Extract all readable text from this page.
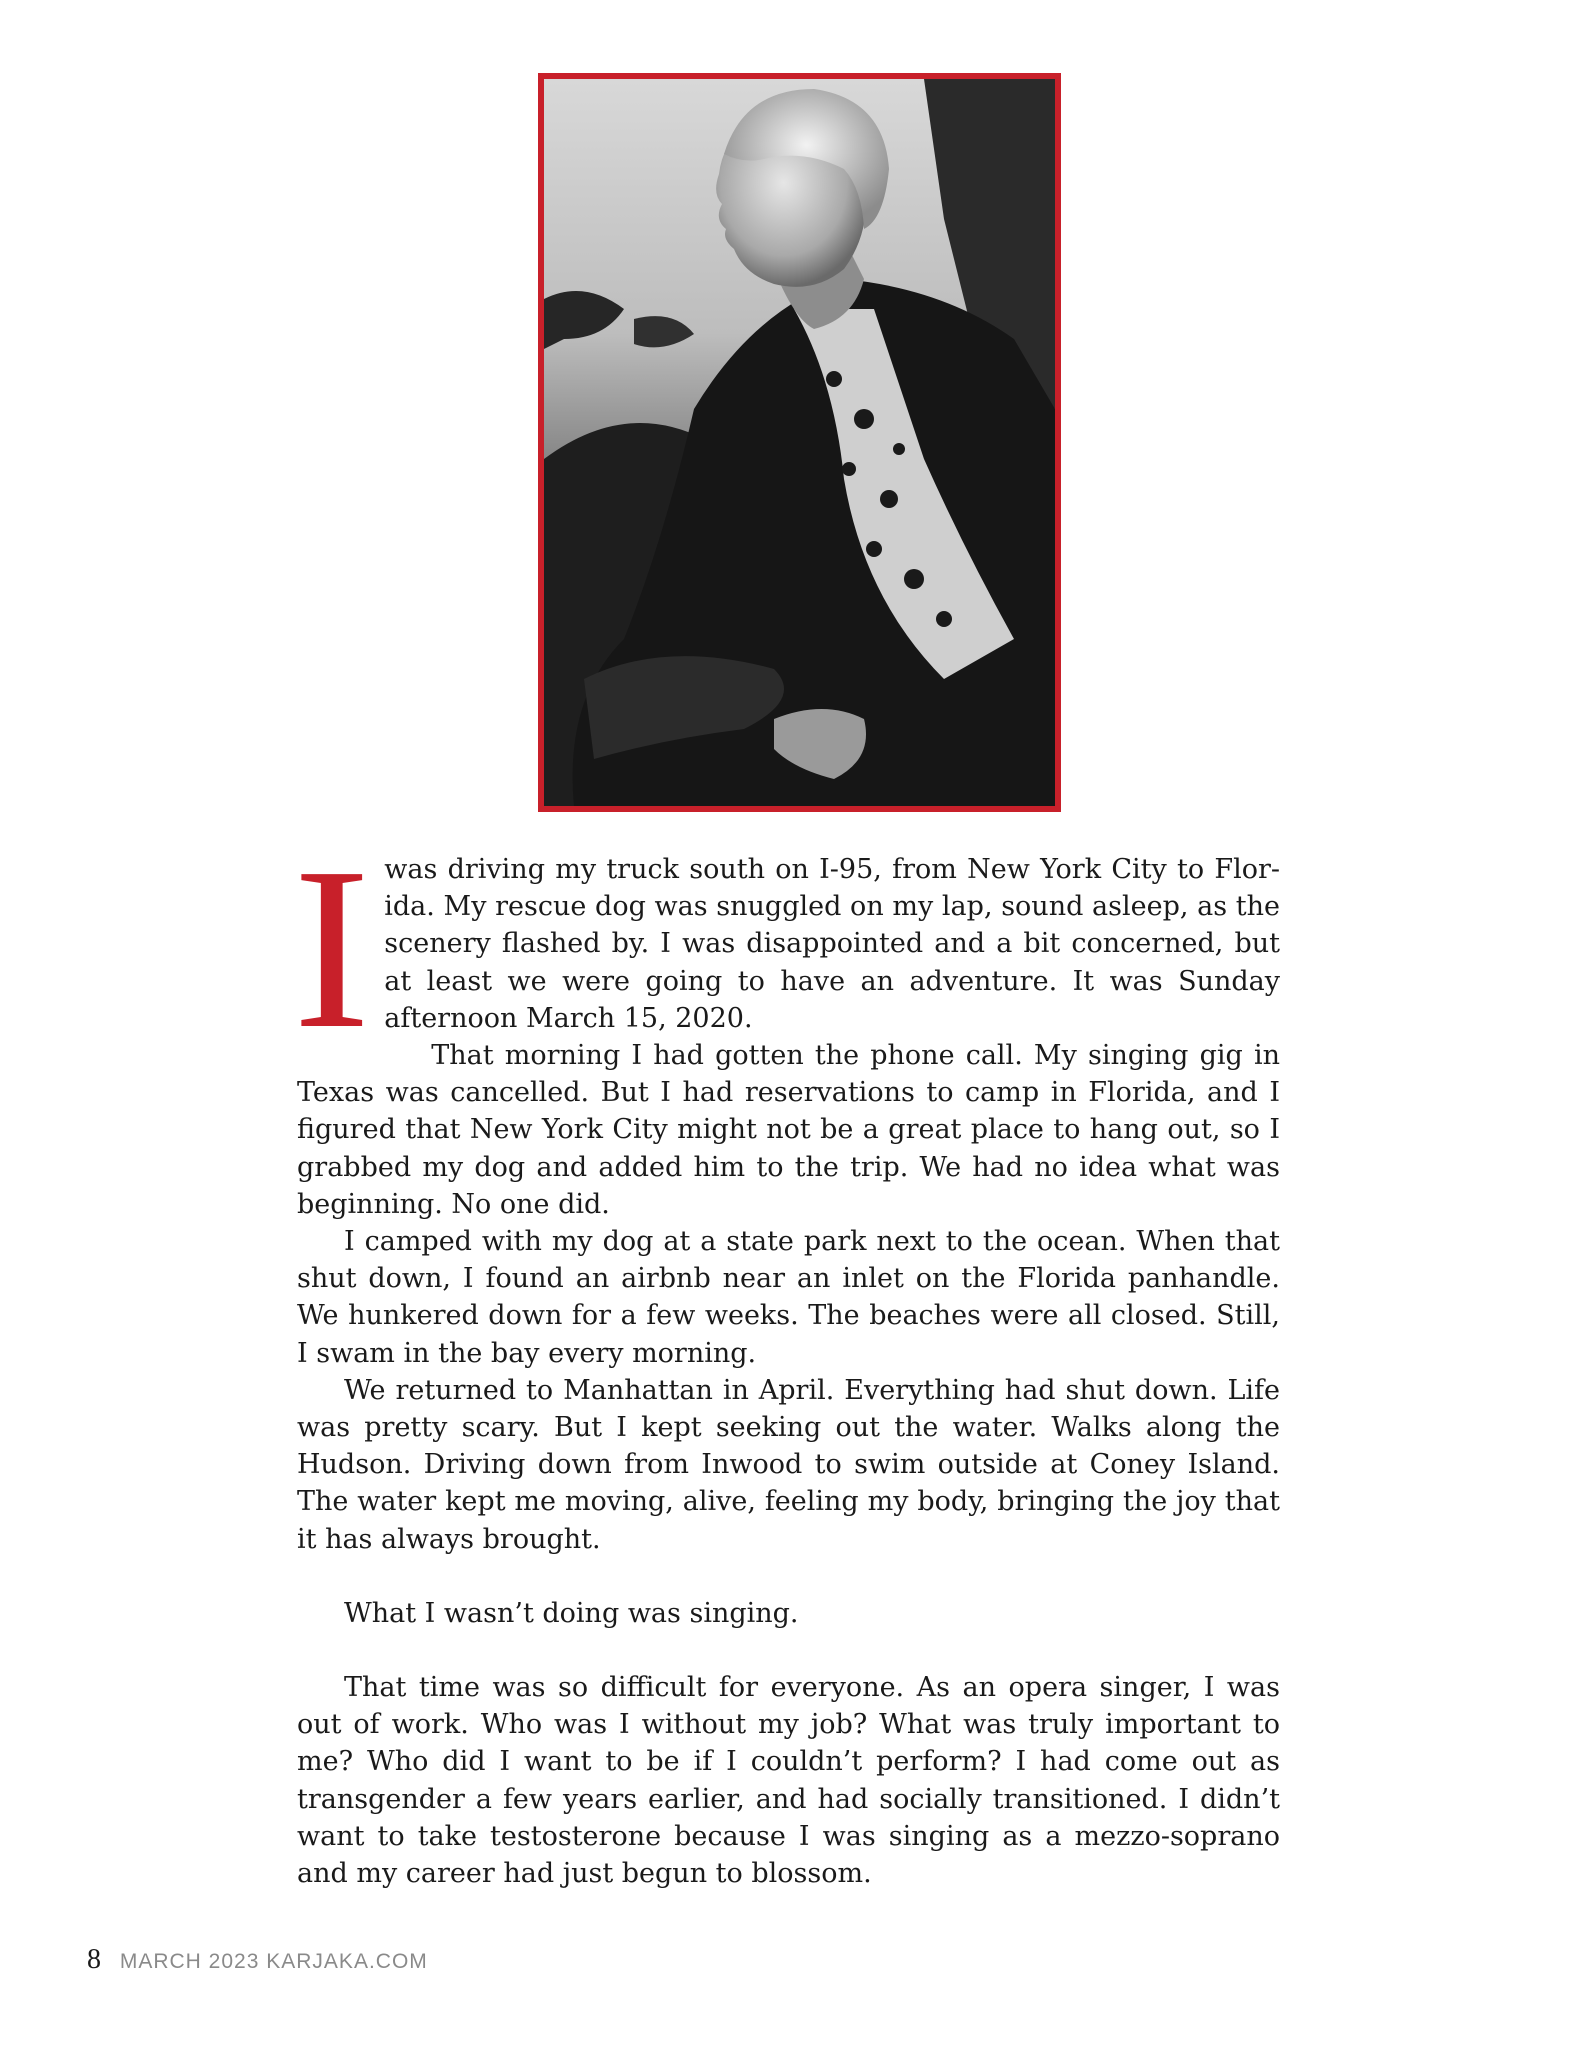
Iwas driving my truck south on I-95, from New York City to Florida. My rescue dog was snuggled on my lap, sound asleep, as the scenery flashed by. I was disappointed and a bit concerned, but at least we were going to have an adventure. It was Sunday afternoon March 15, 2020.

That morning I had gotten the phone call. My singing gig in Texas was cancelled. But I had reservations to camp in Florida, and I figured that New York City might not be a great place to hang out, so I grabbed my dog and added him to the trip. We had no idea what was beginning. No one did.

I camped with my dog at a state park next to the ocean. When that shut down, I found an airbnb near an inlet on the Florida panhandle. We hunkered down for a few weeks. The beaches were all closed. Still, I swam in the bay every morning.

We returned to Manhattan in April. Everything had shut down. Life was pretty scary. But I kept seeking out the water. Walks along the Hudson. Driving down from Inwood to swim outside at Coney Island. The water kept me moving, alive, feeling my body, bringing the joy that it has always brought.

What I wasn’t doing was singing.

That time was so difficult for everyone. As an opera singer, I was out of work. Who was I without my job? What was truly important to me? Who did I want to be if I couldn’t perform? I had come out as transgender a few years earlier, and had socially transitioned. I didn’t want to take testosterone because I was singing as a mezzo-soprano and my career had just begun to blossom.

8 MARCH 2023 KARJAKA.COM
